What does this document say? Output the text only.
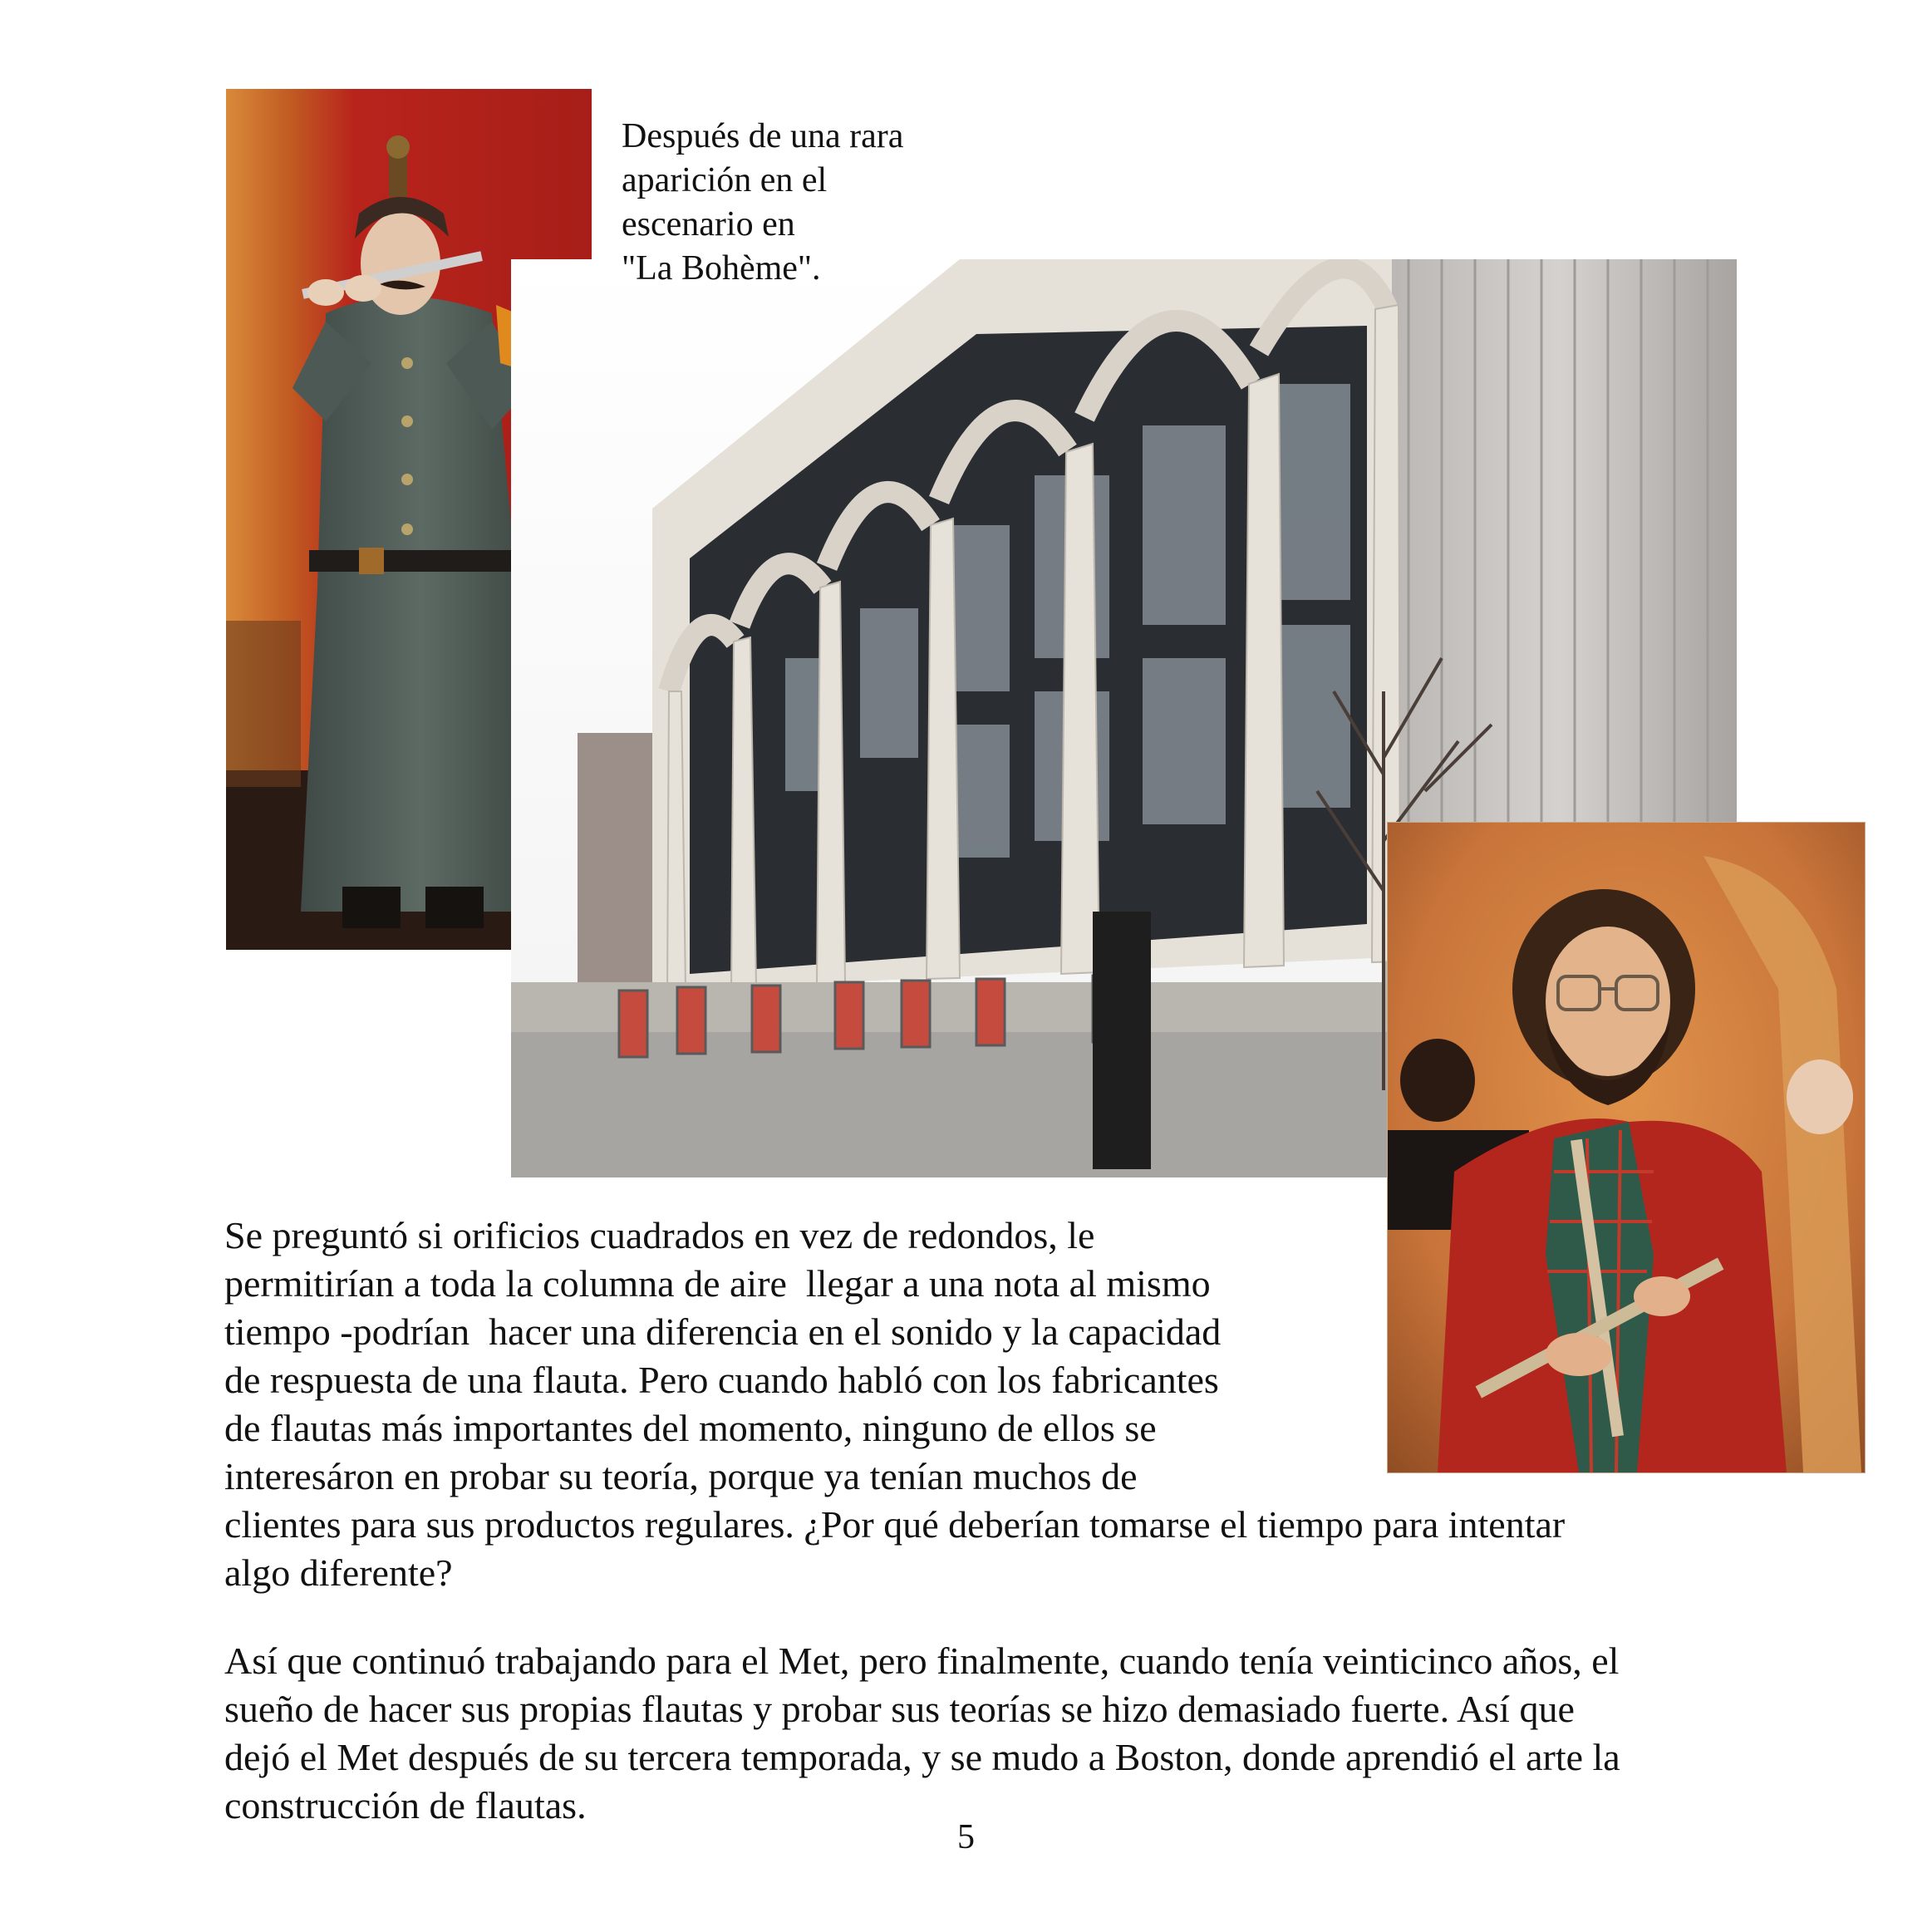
Después de una rara
aparición en el
escenario en
"La Bohème".
Se preguntó si orificios cuadrados en vez de redondos, le
permitirían a toda la columna de aire  llegar a una nota al mismo
tiempo -podrían  hacer una diferencia en el sonido y la capacidad
de respuesta de una flauta. Pero cuando habló con los fabricantes
de flautas más importantes del momento, ninguno de ellos se
interesáron en probar su teoría, porque ya tenían muchos de
clientes para sus productos regulares. ¿Por qué deberían tomarse el tiempo para intentar
algo diferente?
Así que continuó trabajando para el Met, pero finalmente, cuando tenía veinticinco años, el
sueño de hacer sus propias flautas y probar sus teorías se hizo demasiado fuerte. Así que
dejó el Met después de su tercera temporada, y se mudo a Boston, donde aprendió el arte la
construcción de flautas.
5
